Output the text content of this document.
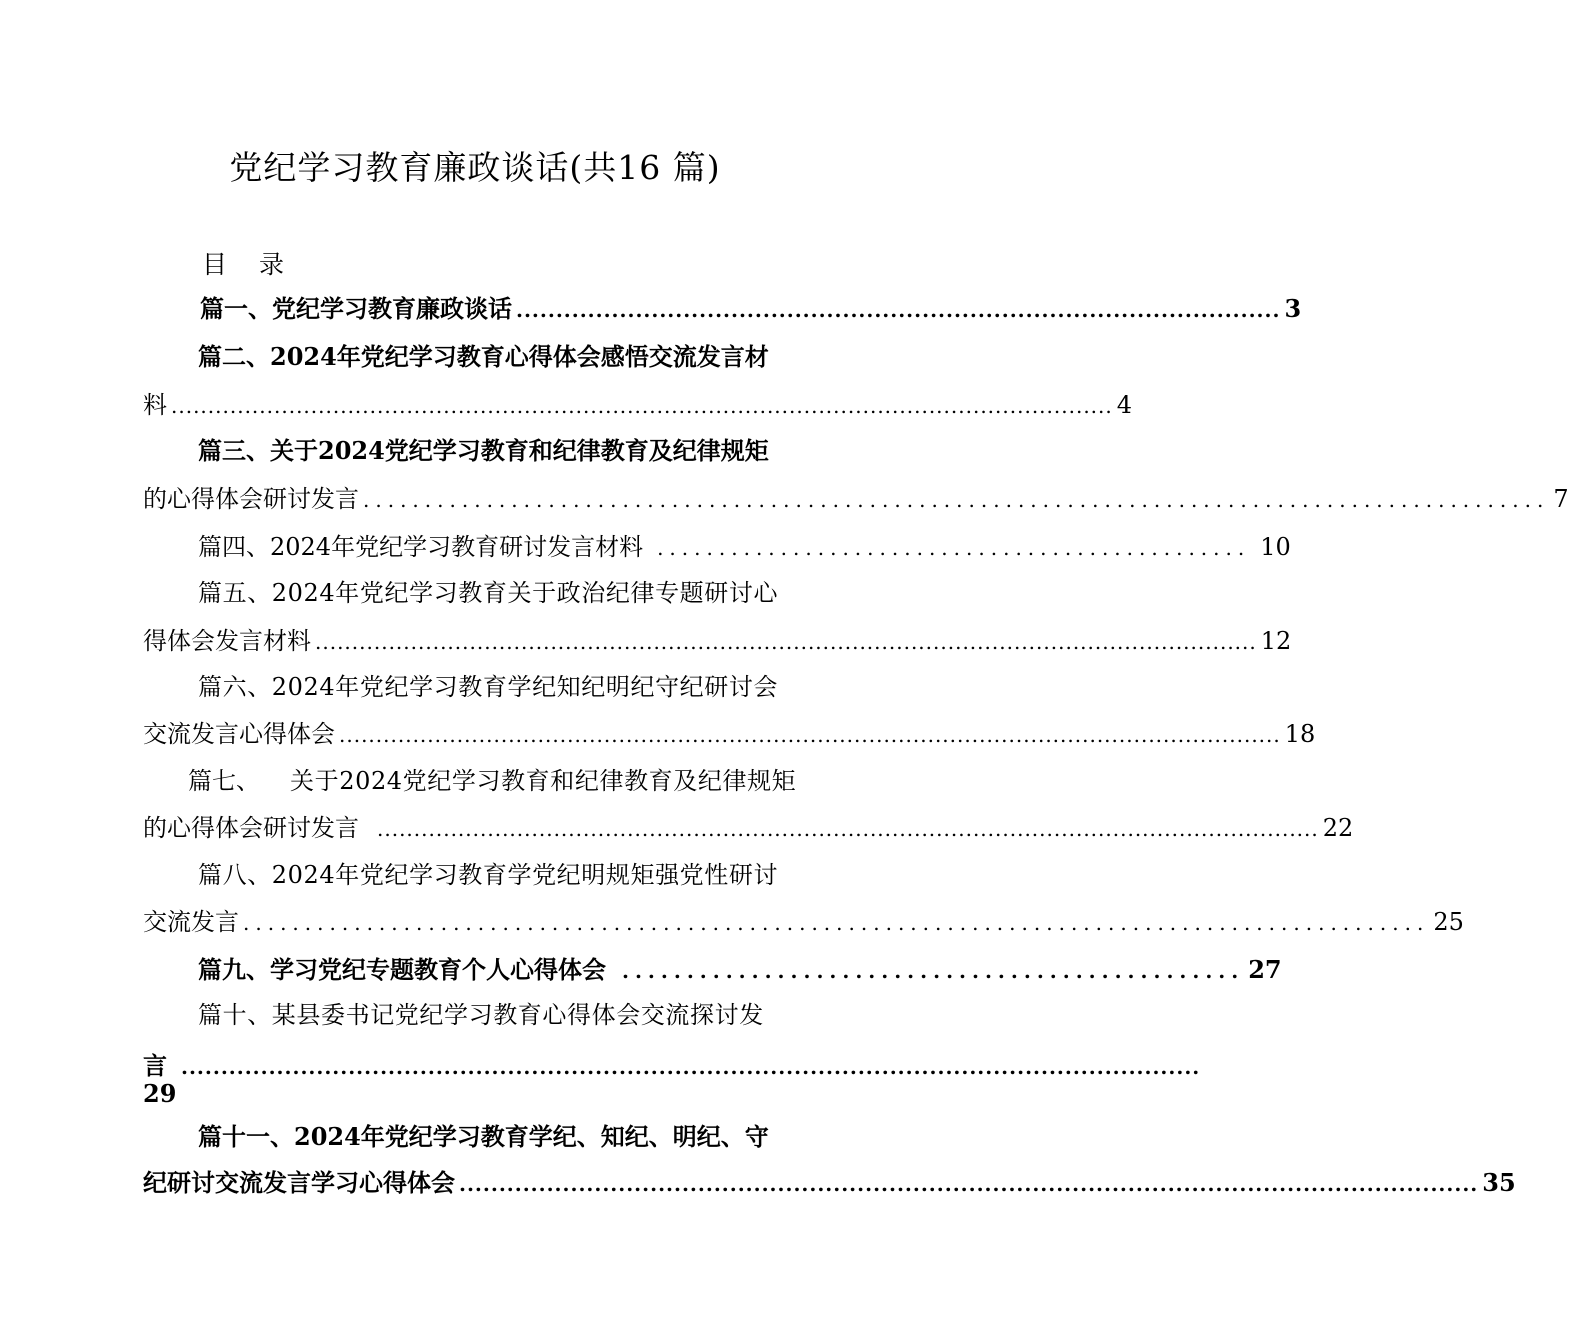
党纪学习教育廉政谈话(共16 篇)
目 录
篇一、党纪学习教育廉政谈话 ................................................................................................ 3
篇二、2024年党纪学习教育心得体会感悟交流发言材
料 ................................................................................................................................ 4
篇三、关于2024党纪学习教育和纪律教育及纪律规矩
的心得体会研讨发言 ................................................................................................ 7
篇四、 2024年党纪学习教育研讨发言材料 ................................................ 10
篇五、2024年党纪学习教育关于政治纪律专题研讨心
得体会发言材料 ................................................................................................................................ 12
篇六、2024年党纪学习教育学纪知纪明纪守纪研讨会
交流发言心得体会 ................................................................................................................................ 18
篇七、 关于2024党纪学习教育和纪律教育及纪律规矩
的心得体会研讨发言 ................................................................................................................................ 22
篇八、2024年党纪学习教育学党纪明规矩强党性研讨
交流发言 ................................................................................................ 25
篇九、学习党纪专题教育个人心得体会 ................................................ 27
篇十、某县委书记党纪学习教育心得体会交流探讨发
言 ................................................................................................................................
29
篇十一、2024年党纪学习教育学纪、知纪、明纪、守
纪研讨交流发言学习心得体会 ................................................................................................................................ 35
